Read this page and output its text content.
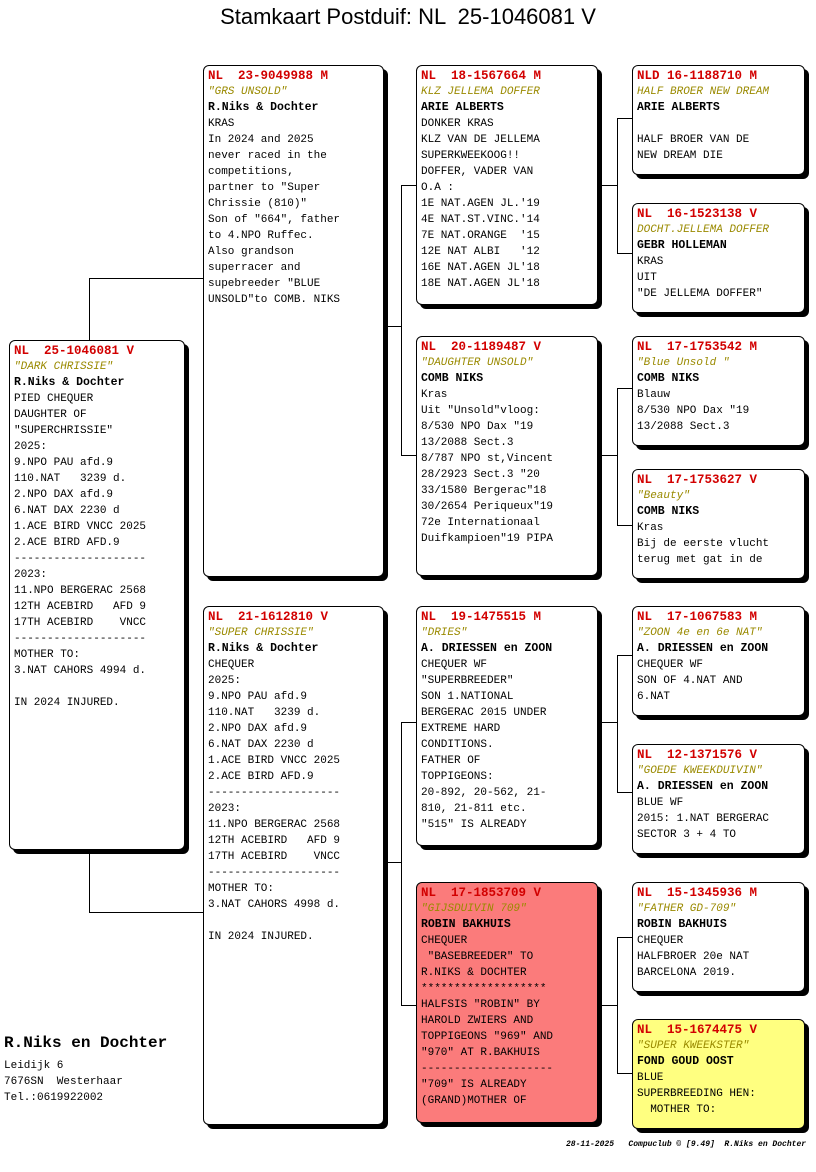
Stamkaart Postduif: NL  25-1046081 V
NL  25-1046081 V
"DARK CHRISSIE"
R.Niks & Dochter
PIED CHEQUER
DAUGHTER OF
"SUPERCHRISSIE"
2025:
9.NPO PAU afd.9
110.NAT   3239 d.
2.NPO DAX afd.9
6.NAT DAX 2230 d
1.ACE BIRD VNCC 2025
2.ACE BIRD AFD.9
--------------------
2023:
11.NPO BERGERAC 2568
12TH ACEBIRD   AFD 9
17TH ACEBIRD    VNCC
--------------------
MOTHER TO:
3.NAT CAHORS 4994 d.

IN 2024 INJURED.
NL  23-9049988 M
"GRS UNSOLD"
R.Niks & Dochter
KRAS
In 2024 and 2025
never raced in the
competitions,
partner to "Super
Chrissie (810)"
Son of "664", father
to 4.NPO Ruffec.
Also grandson
superracer and
supebreeder "BLUE
UNSOLD"to COMB. NIKS
NL  21-1612810 V
"SUPER CHRISSIE"
R.Niks & Dochter
CHEQUER
2025:
9.NPO PAU afd.9
110.NAT   3239 d.
2.NPO DAX afd.9
6.NAT DAX 2230 d
1.ACE BIRD VNCC 2025
2.ACE BIRD AFD.9
--------------------
2023:
11.NPO BERGERAC 2568
12TH ACEBIRD   AFD 9
17TH ACEBIRD    VNCC
--------------------
MOTHER TO:
3.NAT CAHORS 4998 d.

IN 2024 INJURED.
NL  18-1567664 M
KLZ JELLEMA DOFFER
ARIE ALBERTS
DONKER KRAS
KLZ VAN DE JELLEMA
SUPERKWEEKOOG!!
DOFFER, VADER VAN
O.A :
1E NAT.AGEN JL.'19
4E NAT.ST.VINC.'14
7E NAT.ORANGE  '15
12E NAT ALBI   '12
16E NAT.AGEN JL'18
18E NAT.AGEN JL'18
NL  20-1189487 V
"DAUGHTER UNSOLD"
COMB NIKS
Kras
Uit "Unsold"vloog:
8/530 NPO Dax "19
13/2088 Sect.3
8/787 NPO st,Vincent
28/2923 Sect.3 "20
33/1580 Bergerac"18
30/2654 Periqueux"19
72e Internationaal
Duifkampioen"19 PIPA
NL  19-1475515 M
"DRIES"
A. DRIESSEN en ZOON
CHEQUER WF
"SUPERBREEDER"
SON 1.NATIONAL
BERGERAC 2015 UNDER
EXTREME HARD
CONDITIONS.
FATHER OF
TOPPIGEONS:
20-892, 20-562, 21-
810, 21-811 etc.
"515" IS ALREADY
NL  17-1853709 V
"GIJSDUIVIN 709"
ROBIN BAKHUIS
CHEQUER
"BASEBREEDER" TO
R.NIKS & DOCHTER
*******************
HALFSIS "ROBIN" BY
HAROLD ZWIERS AND
TOPPIGEONS "969" AND
"970" AT R.BAKHUIS
--------------------
"709" IS ALREADY
(GRAND)MOTHER OF
NLD 16-1188710 M
HALF BROER NEW DREAM
ARIE ALBERTS

HALF BROER VAN DE
NEW DREAM DIE
NL  16-1523138 V
DOCHT.JELLEMA DOFFER
GEBR HOLLEMAN
KRAS
UIT
"DE JELLEMA DOFFER"
NL  17-1753542 M
"Blue Unsold "
COMB NIKS
Blauw
8/530 NPO Dax "19
13/2088 Sect.3
NL  17-1753627 V
"Beauty"
COMB NIKS
Kras
Bij de eerste vlucht
terug met gat in de
NL  17-1067583 M
"ZOON 4e en 6e NAT"
A. DRIESSEN en ZOON
CHEQUER WF
SON OF 4.NAT AND
6.NAT
NL  12-1371576 V
"GOEDE KWEEKDUIVIN"
A. DRIESSEN en ZOON
BLUE WF
2015: 1.NAT BERGERAC
SECTOR 3 + 4 TO
NL  15-1345936 M
"FATHER GD-709"
ROBIN BAKHUIS
CHEQUER
HALFBROER 20e NAT
BARCELONA 2019.
NL  15-1674475 V
"SUPER KWEEKSTER"
FOND GOUD OOST
BLUE
SUPERBREEDING HEN:
MOTHER TO:
R.Niks en Dochter
Leidijk 6
7676SN  Westerhaar
Tel.:0619922002
28-11-2025   Compuclub © [9.49]  R.Niks en Dochter
